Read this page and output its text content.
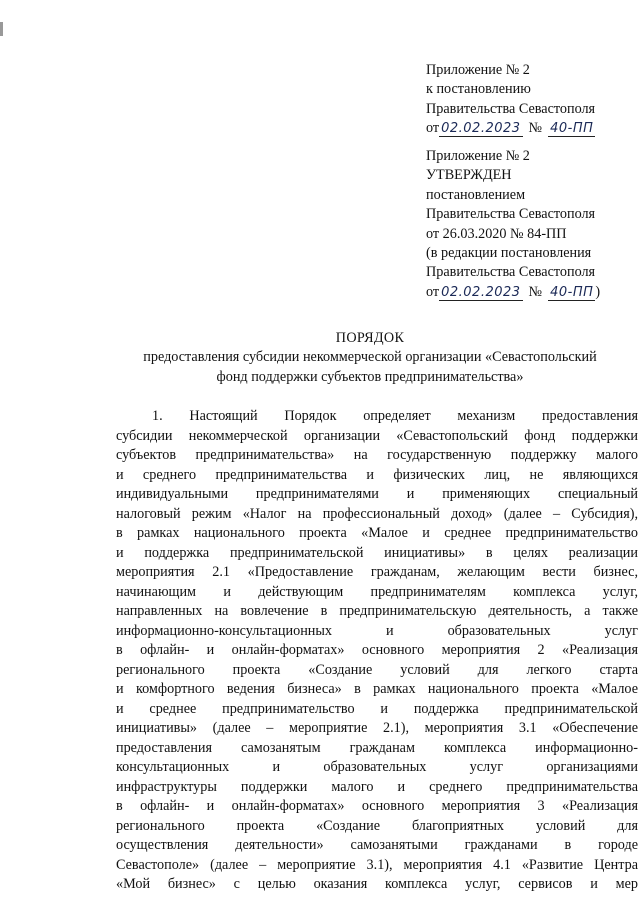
Приложение № 2
к постановлению
Правительства Севастополя
от 02.02.2023 № 40-ПП
Приложение № 2
УТВЕРЖДЕН
постановлением
Правительства Севастополя
от 26.03.2020 № 84-ПП
(в редакции постановления
Правительства Севастополя
от 02.02.2023 № 40-ПП )
ПОРЯДОК
предоставления субсидии некоммерческой организации «Севастопольский
фонд поддержки субъектов предпринимательства»
1. Настоящий Порядок определяет механизм предоставления
субсидии некоммерческой организации «Севастопольский фонд поддержки
субъектов предпринимательства» на государственную поддержку малого
и среднего предпринимательства и физических лиц, не являющихся
индивидуальными предпринимателями и применяющих специальный
налоговый режим «Налог на профессиональный доход» (далее – Субсидия),
в рамках национального проекта «Малое и среднее предпринимательство
и поддержка предпринимательской инициативы» в целях реализации
мероприятия 2.1 «Предоставление гражданам, желающим вести бизнес,
начинающим и действующим предпринимателям комплекса услуг,
направленных на вовлечение в предпринимательскую деятельность, а также
информационно-консультационных и образовательных услуг
в офлайн- и онлайн-форматах» основного мероприятия 2 «Реализация
регионального проекта «Создание условий для легкого старта
и комфортного ведения бизнеса» в рамках национального проекта «Малое
и среднее предпринимательство и поддержка предпринимательской
инициативы» (далее – мероприятие 2.1), мероприятия 3.1 «Обеспечение
предоставления самозанятым гражданам комплекса информационно-
консультационных и образовательных услуг организациями
инфраструктуры поддержки малого и среднего предпринимательства
в офлайн- и онлайн-форматах» основного мероприятия 3 «Реализация
регионального проекта «Создание благоприятных условий для
осуществления деятельности» самозанятыми гражданами в городе
Севастополе» (далее – мероприятие 3.1), мероприятия 4.1 «Развитие Центра
«Мой бизнес» с целью оказания комплекса услуг, сервисов и мер
